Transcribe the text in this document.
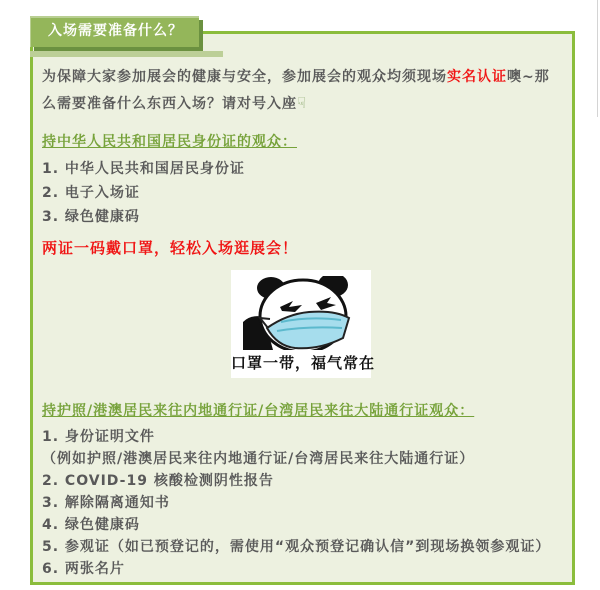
入场需要准备什么？

为保障大家参加展会的健康与安全，参加展会的观众均须现场实名认证噢~那么需要准备什么东西入场？请对号入座☟

持中华人民共和国居民身份证的观众：
1. 中华人民共和国居民身份证
2. 电子入场证
3. 绿色健康码

两证一码戴口罩，轻松入场逛展会！

口罩一带，福气常在
持护照/港澳居民来往内地通行证/台湾居民来往大陆通行证观众：
1. 身份证明文件
（例如护照/港澳居民来往内地通行证/台湾居民来往大陆通行证）
2. COVID-19 核酸检测阴性报告
3. 解除隔离通知书
4. 绿色健康码
5. 参观证（如已预登记的，需使用“观众预登记确认信”到现场换领参观证）
6. 两张名片
